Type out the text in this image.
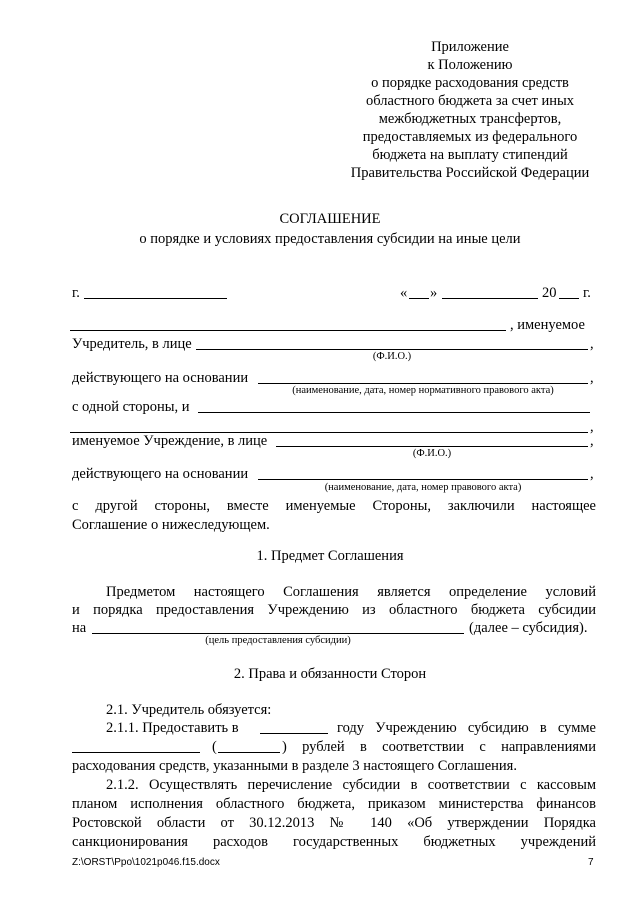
Приложение
к Положению
о порядке расходования средств
областного бюджета за счет иных
межбюджетных трансфертов,
предоставляемых из федерального
бюджета на выплату стипендий
Правительства Российской Федерации
СОГЛАШЕНИЕ
о порядке и условиях предоставления субсидии на иные цели
г.	« »	20 г.
, именуемое
Учредитель, в лице	,
(Ф.И.О.)
действующего на основании	,
(наименование, дата, номер нормативного правового акта)
с одной стороны, и
,
именуемое Учреждение, в лице	,
(Ф.И.О.)
действующего на основании	,
(наименование, дата, номер правового акта)
с другой стороны, вместе именуемые Стороны, заключили настоящее
Соглашение о нижеследующем.
1. Предмет Соглашения
Предметом настоящего Соглашения является определение условий
и порядка предоставления Учреждению из областного бюджета субсидии
на	(далее – субсидия).
(цель предоставления субсидии)
2. Права и обязанности Сторон
2.1. Учредитель обязуется:
2.1.1. Предоставить в	году Учреждению субсидию в сумме
(	) рублей в соответствии с направлениями
расходования средств, указанными в разделе 3 настоящего Соглашения.
2.1.2. Осуществлять перечисление субсидии в соответствии с кассовым
планом исполнения областного бюджета, приказом министерства финансов
Ростовской области от 30.12.2013 № 140 «Об утверждении Порядка
санкционирования расходов государственных бюджетных учреждений
Z:\ORST\Ppo\1021p046.f15.docx	7
